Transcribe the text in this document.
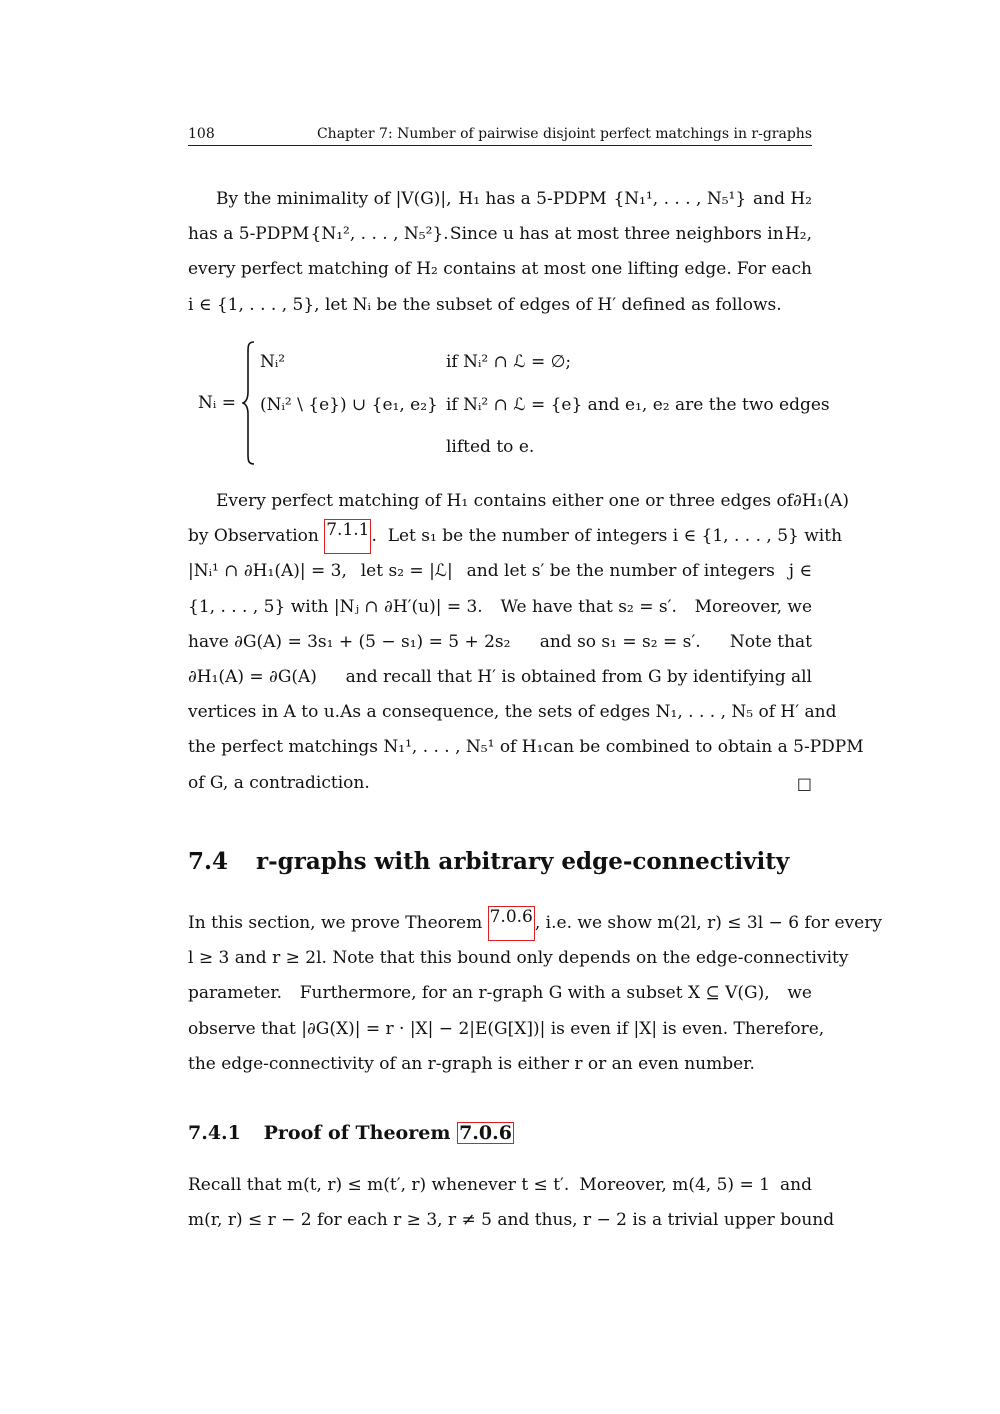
108	Chapter 7: Number of pairwise disjoint perfect matchings in r-graphs
By the minimality of |V(G)|, H₁ has a 5-PDPM {N₁¹, . . . , N₅¹} and H₂
has a 5-PDPM {N₁², . . . , N₅²}. Since u has at most three neighbors in H₂,
every perfect matching of H₂ contains at most one lifting edge. For each
i ∈ {1, . . . , 5}, let Nᵢ be the subset of edges of H′ defined as follows.
Nᵢ =
Nᵢ²	if Nᵢ² ∩ ℒ = ∅;
(Nᵢ² \ {e}) ∪ {e₁, e₂} if Nᵢ² ∩ ℒ = {e} and e₁, e₂ are the two edges
lifted to e.
Every perfect matching of H₁ contains either one or three edges of ∂H₁(A)
by Observation
7.1.1 .  Let s₁ be the number of integers i ∈ {1, . . . , 5} with
|Nᵢ¹ ∩ ∂H₁(A)| = 3, let s₂ = |ℒ| and let s′ be the number of integers j ∈
{1, . . . , 5} with |Nⱼ ∩ ∂H′(u)| = 3. We have that s₂ = s′. Moreover, we
have ∂G(A) = 3s₁ + (5 − s₁) = 5 + 2s₂ and so s₁ = s₂ = s′. Note that
∂H₁(A) = ∂G(A) and recall that H′ is obtained from G by identifying all
vertices in A to u. As a consequence, the sets of edges N₁, . . . , N₅ of H′ and
the perfect matchings N₁¹, . . . , N₅¹ of H₁ can be combined to obtain a 5-PDPM
of G, a contradiction.	□
7.4 r-graphs with arbitrary edge-connectivity
In this section, we prove Theorem
7.0.6 , i.e. we show m(2l, r) ≤ 3l − 6 for every
l ≥ 3 and r ≥ 2l. Note that this bound only depends on the edge-connectivity
parameter. Furthermore, for an r-graph G with a subset X ⊆ V(G), we
observe that |∂G(X)| = r · |X| − 2|E(G[X])| is even if |X| is even. Therefore,
the edge-connectivity of an r-graph is either r or an even number.
7.4.1 Proof of Theorem 7.0.6
Recall that m(t, r) ≤ m(t′, r) whenever t ≤ t′. Moreover, m(4, 5) = 1 and
m(r, r) ≤ r − 2 for each r ≥ 3, r ≠ 5 and thus, r − 2 is a trivial upper bound
